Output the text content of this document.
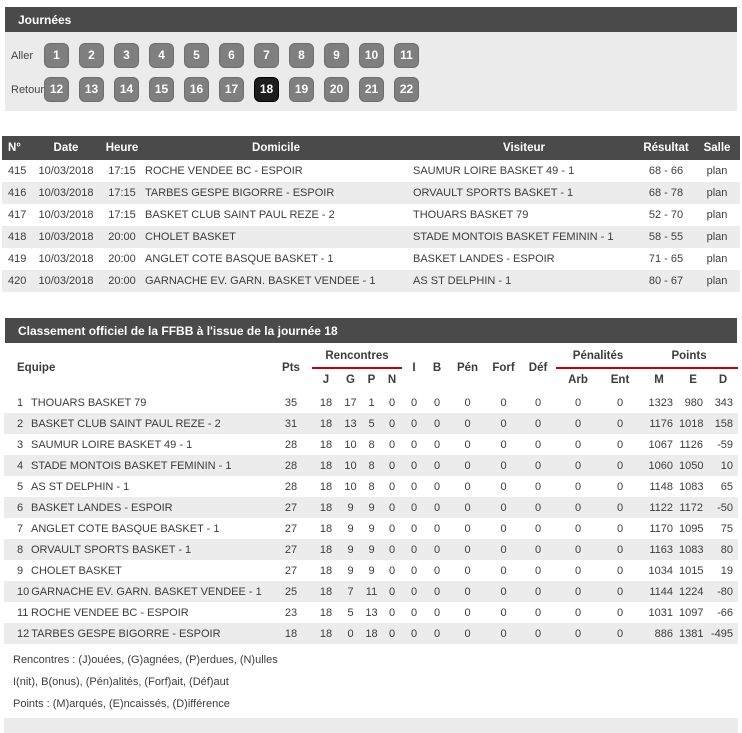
Journées
Aller	1 2 3 4 5 6 7 8 9 10 11
Retour 12 13 14 15 16 17 18 19 20 21 22
N°	Date	Heure	Domicile	Visiteur	Résultat	Salle
415	10/03/2018	17:15	ROCHE VENDEE BC - ESPOIR	SAUMUR LOIRE BASKET 49 - 1	68 - 66	plan
416	10/03/2018	17:15	TARBES GESPE BIGORRE - ESPOIR	ORVAULT SPORTS BASKET - 1	68 - 78	plan
417	10/03/2018	17:15	BASKET CLUB SAINT PAUL REZE - 2	THOUARS BASKET 79	52 - 70	plan
418	10/03/2018	20:00	CHOLET BASKET	STADE MONTOIS BASKET FEMININ - 1	58 - 55	plan
419	10/03/2018	20:00	ANGLET COTE BASQUE BASKET - 1	BASKET LANDES - ESPOIR	71 - 65	plan
420	10/03/2018	20:00	GARNACHE EV. GARN. BASKET VENDEE - 1	AS ST DELPHIN - 1	80 - 67	plan
Classement officiel de la FFBB à l'issue de la journée 18
Equipe	Pts	Rencontres				I	B	Pén	Forf	Déf	Pénalités		Points		
		J	G	P	N						Arb	Ent	M	E	D
1 THOUARS BASKET 79	35	18	17	1	0	0	0	0	0	0	0	0	1323	980	343
2 BASKET CLUB SAINT PAUL REZE - 2	31	18	13	5	0	0	0	0	0	0	0	0	1176	1018	158
3 SAUMUR LOIRE BASKET 49 - 1	28	18	10	8	0	0	0	0	0	0	0	0	1067	1126	-59
4 STADE MONTOIS BASKET FEMININ - 1	28	18	10	8	0	0	0	0	0	0	0	0	1060	1050	10
5 AS ST DELPHIN - 1	28	18	10	8	0	0	0	0	0	0	0	0	1148	1083	65
6 BASKET LANDES - ESPOIR	27	18	9	9	0	0	0	0	0	0	0	0	1122	1172	-50
7 ANGLET COTE BASQUE BASKET - 1	27	18	9	9	0	0	0	0	0	0	0	0	1170	1095	75
8 ORVAULT SPORTS BASKET - 1	27	18	9	9	0	0	0	0	0	0	0	0	1163	1083	80
9 CHOLET BASKET	27	18	9	9	0	0	0	0	0	0	0	0	1034	1015	19
10 GARNACHE EV. GARN. BASKET VENDEE - 1	25	18	7	11	0	0	0	0	0	0	0	0	1144	1224	-80
11 ROCHE VENDEE BC - ESPOIR	23	18	5	13	0	0	0	0	0	0	0	0	1031	1097	-66
12 TARBES GESPE BIGORRE - ESPOIR	18	18	0	18	0	0	0	0	0	0	0	0	886	1381	-495
Rencontres : (J)ouées, (G)agnées, (P)erdues, (N)ulles
I(nit), B(onus), (Pén)alités, (Forf)ait, (Déf)aut
Points : (M)arqués, (E)ncaissés, (D)ifférence
